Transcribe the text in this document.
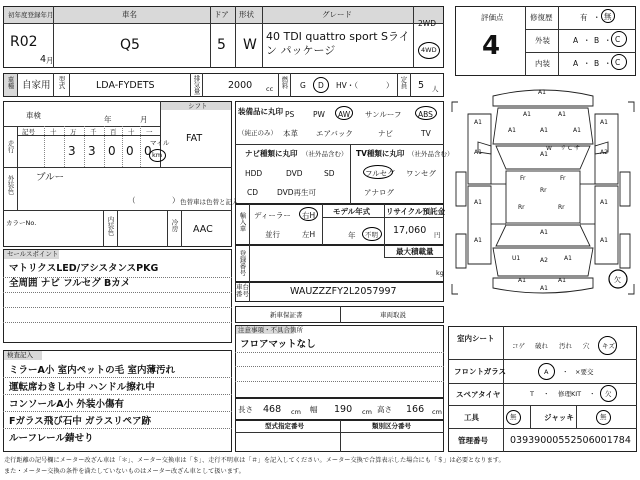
初年度登録年月	車名	ドア 形状	グレード
2WD
R02
4 月
Q5	5 W
40 TDI quattro sport Sライン パッケージ	4WD
車種 自家用 型式	LDA-FYDETS	排気量	2000 cc 燃料 G D HV・（	） 定員 5 人
シフト
FAT
車検	年	月
走行
記号 十 万 千 百 十 一
3 3 0 0 0
マイル
km
外装色 ブルー
（	） 色替車は色替と記入
カラーNo.	内装色	冷房 AAC
セールスポイント
マトリクスLED/アシスタンスPKG
全周囲 ナビ フルセグ Bカメ
検査記入
ミラーA小 室内ペットの毛 室内薄汚れ
運転席わきしわ中 ハンドル擦れ中
コンソールA小 外装小傷有
Fガラス飛び石中 ガラスリペア跡
ルーフレール錆せり
装備品に丸印
（純正のみ）
PS PW AW サンルーフ ABS
本革 エアバック	ナビ	TV
ナビ種類に丸印 （社外品含む）
HDD	DVD	SD
CD	DVD再生可
TV種類に丸印 （社外品含む）
フルセグ ワンセグ
アナログ
輸入車 ディーラー 右H
並行	左H
モデル年式
年 不明
リサイクル預託金
17,060 円
登録番号	最大積載量
kg
車台番号	WAUZZZFY2L2057997
新車保証書	車両取説
注意事項・不具合箇所
フロアマットなし
長さ 468 cm 幅 190 cm 高さ 166 cm
型式指定番号	類別区分番号
評価点
4
修復歴	有 ・ 無
外装	A ・ B ・ C
内装	A ・ B ・ C
A1
A1	A1
A1	A1	A1
A1
A1	A1
A1	A2
Fr	Fr
Rr
Rr	Rr
A1
A1	A1
A1	A1
A2
U1	A1
A1	A1
A1
W リ C サ
欠
室内シート
コゲ 破れ 汚れ 穴 キズ
フロントガラス	A ・ ×要交
スペアタイヤ	T ・ 修理KIT ・ 欠
工具	無	ジャッキ	無
管理番号 03939000552506001784
走行距離の記号欄にメーター改ざん車は「＊」、メーター交換車は「＄」、走行不明車は「＃」を記入してください。メーター交換で合算表示した場合にも「＄」は必要となります。
また・メーター交換の条件を満たしていないものはメーター改ざん車として扱います。
